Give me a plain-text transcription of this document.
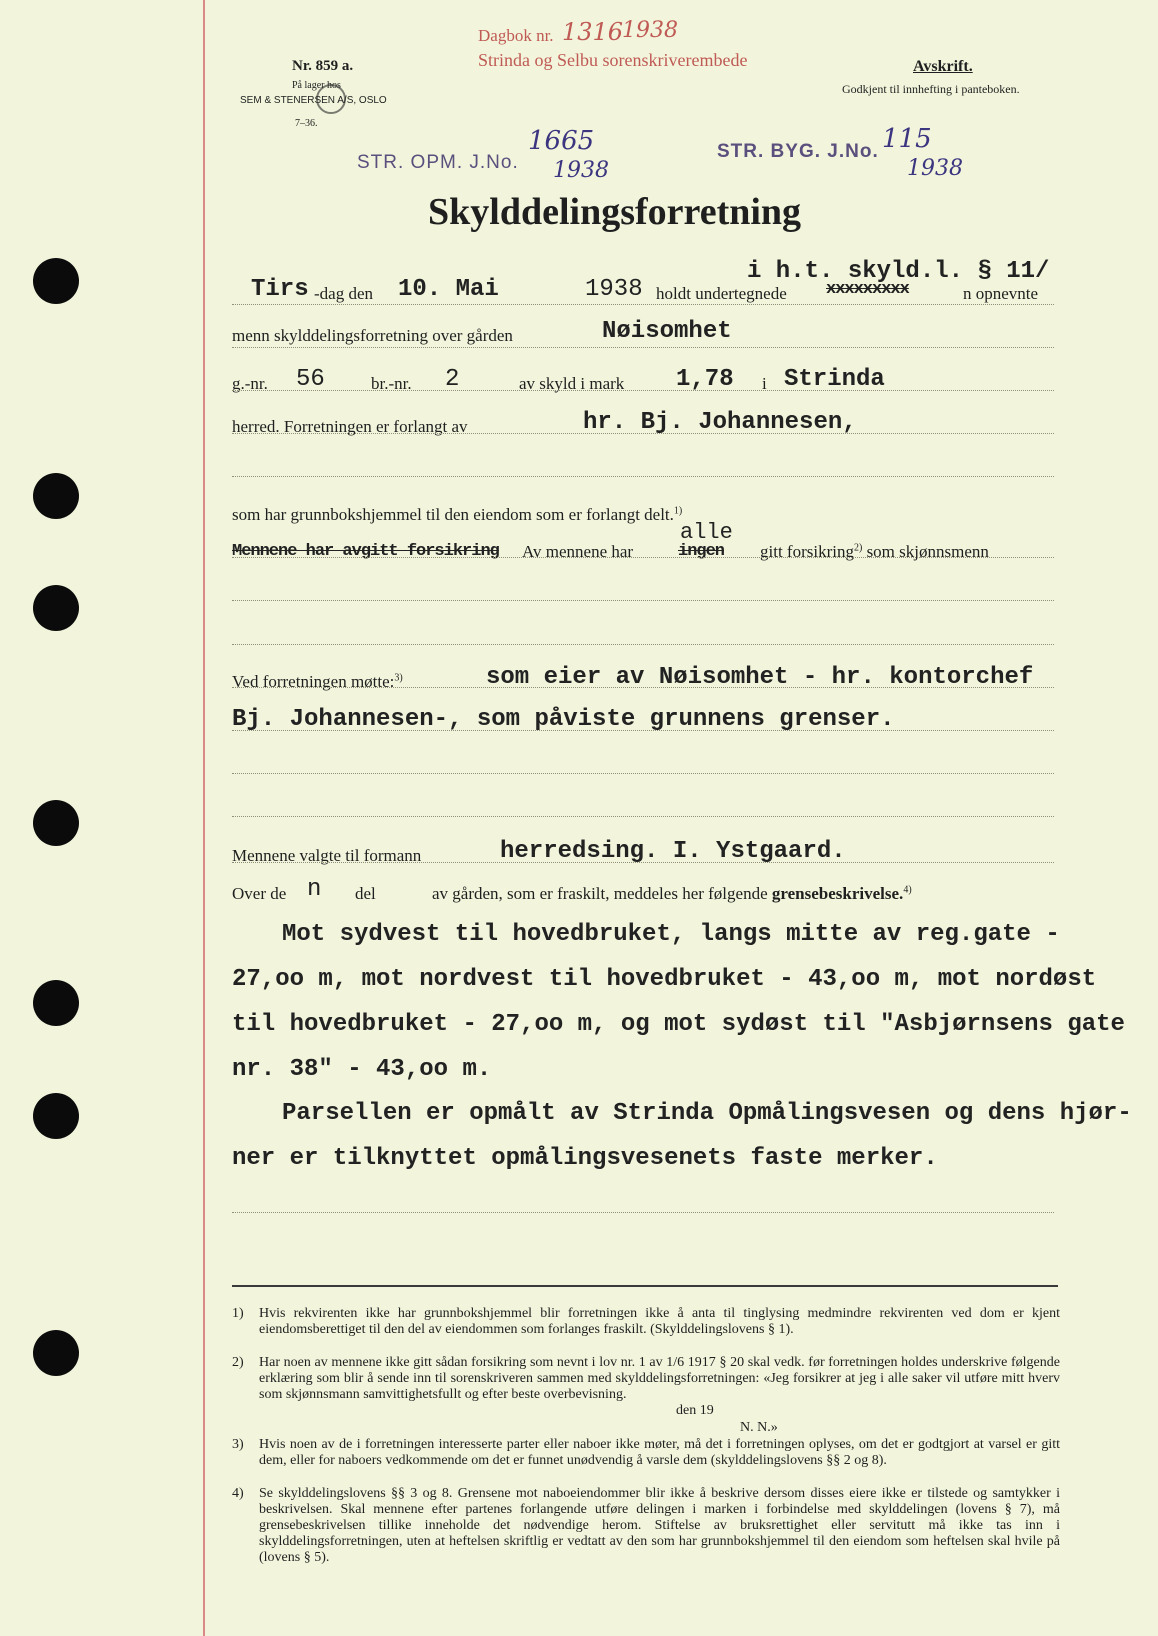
Nr. 859 a.
På lager hos
SEM & STENERSEN A/S, OSLO
7–36.
Dagbok nr. 1316
1938
Strinda og Selbu sorenskriverembede	Avskrift.
Godkjent til innhefting i panteboken.
STR. OPM. J.No.
1665
1938
STR. BYG. J.No. 115
1938
Skylddelingsforretning
i h.t. skyld.l. § 11/
Tirs -dag den 10. Mai	1938 holdt undertegnede xxxxxxxxx	n opnevnte
menn skylddelingsforretning over gården	Nøisomhet
g.-nr. 56	br.-nr. 2	av skyld i mark 1,78 i Strinda
herred. Forretningen er forlangt av	hr. Bj. Johannesen,
som har grunnbokshjemmel til den eiendom som er forlangt delt.$^{1)}$
Mennene har avgitt forsikring Av mennene har
alle
ingen gitt forsikring$^{2)}$ som skjønnsmenn
Ved forretningen møtte:$^{3)}$	som eier av Nøisomhet - hr. kontorchef
Bj. Johannesen-, som påviste grunnens grenser.
Mennene valgte til formann	herredsing. I. Ystgaard.
Over de n del	av gården, som er fraskilt, meddeles her følgende grensebeskrivelse.$^{4)}$
Mot sydvest til hovedbruket, langs mitte av reg.gate -
27,oo m, mot nordvest til hovedbruket - 43,oo m, mot nordøst
til hovedbruket - 27,oo m, og mot sydøst til "Asbjørnsens gate
nr. 38" - 43,oo m.
Parsellen er opmålt av Strinda Opmålingsvesen og dens hjør-
ner er tilknyttet opmålingsvesenets faste merker.
1) Hvis rekvirenten ikke har grunnbokshjemmel blir forretningen ikke å anta til tinglysing medmindre rekvirenten ved dom er kjent eiendomsberettiget til den del av eiendommen som forlanges fraskilt. (Skylddelingslovens § 1).
2) Har noen av mennene ikke gitt sådan forsikring som nevnt i lov nr. 1 av 1/6 1917 § 20 skal vedk. før forretningen holdes underskrive følgende erklæring som blir å sende inn til sorenskriveren sammen med skylddelingsforretningen: «Jeg forsikrer at jeg i alle saker vil utføre mitt hverv som skjønnsmann samvittighetsfullt og efter beste overbevisning.
den 19
N. N.»
3) Hvis noen av de i forretningen interesserte parter eller naboer ikke møter, må det i forretningen oplyses, om det er godtgjort at varsel er gitt dem, eller for naboers vedkommende om det er funnet unødvendig å varsle dem (skylddelingslovens §§ 2 og 8).
4) Se skylddelingslovens §§ 3 og 8. Grensene mot naboeiendommer blir ikke å beskrive dersom disses eiere ikke er tilstede og samtykker i beskrivelsen. Skal mennene efter partenes forlangende utføre delingen i marken i forbindelse med skylddelingen (lovens § 7), må grensebeskrivelsen tillike inneholde det nødvendige herom. Stiftelse av bruksrettighet eller servitutt må ikke tas inn i skylddelingsforretningen, uten at heftelsen skriftlig er vedtatt av den som har grunnbokshjemmel til den eiendom som heftelsen skal hvile på (lovens § 5).
